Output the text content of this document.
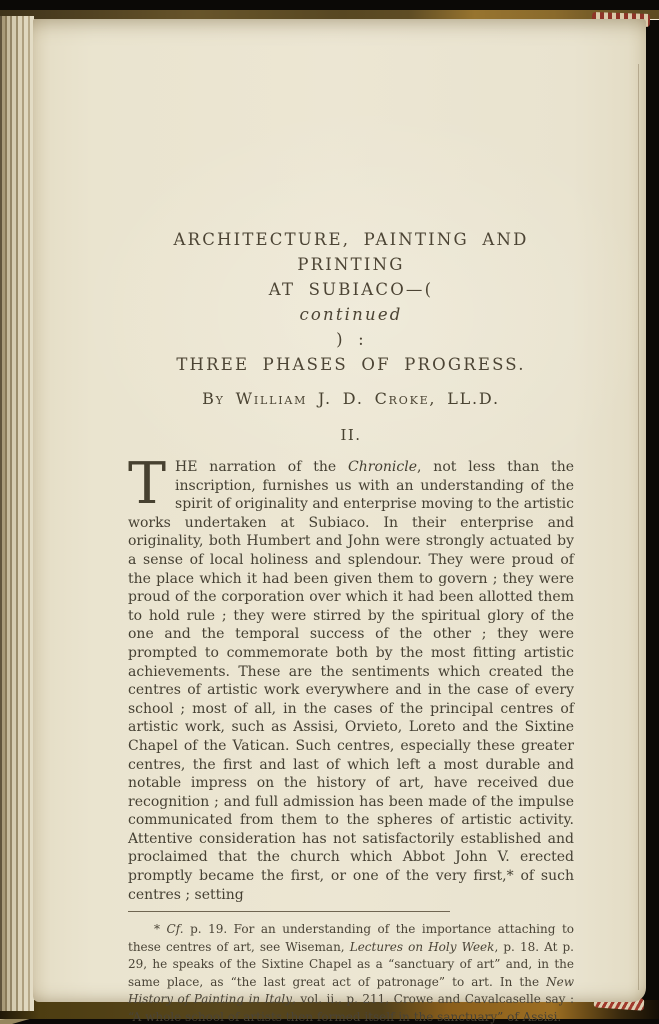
ARCHITECTURE, PAINTING AND PRINTING
AT SUBIACO—(
continued
) :
THREE PHASES OF PROGRESS.
By William J. D. Croke, LL.D.
II.

THE narration of the Chronicle, not less than the inscription, furnishes us with an understanding of the spirit of originality and enterprise moving to the artistic works undertaken at Subiaco. In their enterprise and originality, both Humbert and John were strongly actuated by a sense of local holiness and splendour. They were proud of the place which it had been given them to govern ; they were proud of the corporation over which it had been allotted them to hold rule ; they were stirred by the spiritual glory of the one and the temporal success of the other ; they were prompted to commemorate both by the most fitting artistic achievements. These are the sentiments which created the centres of artistic work everywhere and in the case of every school ; most of all, in the cases of the principal centres of artistic work, such as Assisi, Orvieto, Loreto and the Sixtine Chapel of the Vatican. Such centres, especially these greater centres, the first and last of which left a most durable and notable impress on the history of art, have received due recognition ; and full admission has been made of the impulse communicated from them to the spheres of artistic activity. Attentive consideration has not satisfactorily established and proclaimed that the church which Abbot John V. erected promptly became the first, or one of the very first,* of such centres ; setting

* Cf. p. 19. For an understanding of the importance attaching to these centres of art, see Wiseman, Lectures on Holy Week, p. 18. At p. 29, he speaks of the Sixtine Chapel as a “sanctuary of art” and, in the same place, as “the last great act of patronage” to art. In the New History of Painting in Italy, vol. ii., p. 211, Crowe and Cavalcaselle say : “A whole school of artists then formed itself in the sanctuary” of Assisi.
